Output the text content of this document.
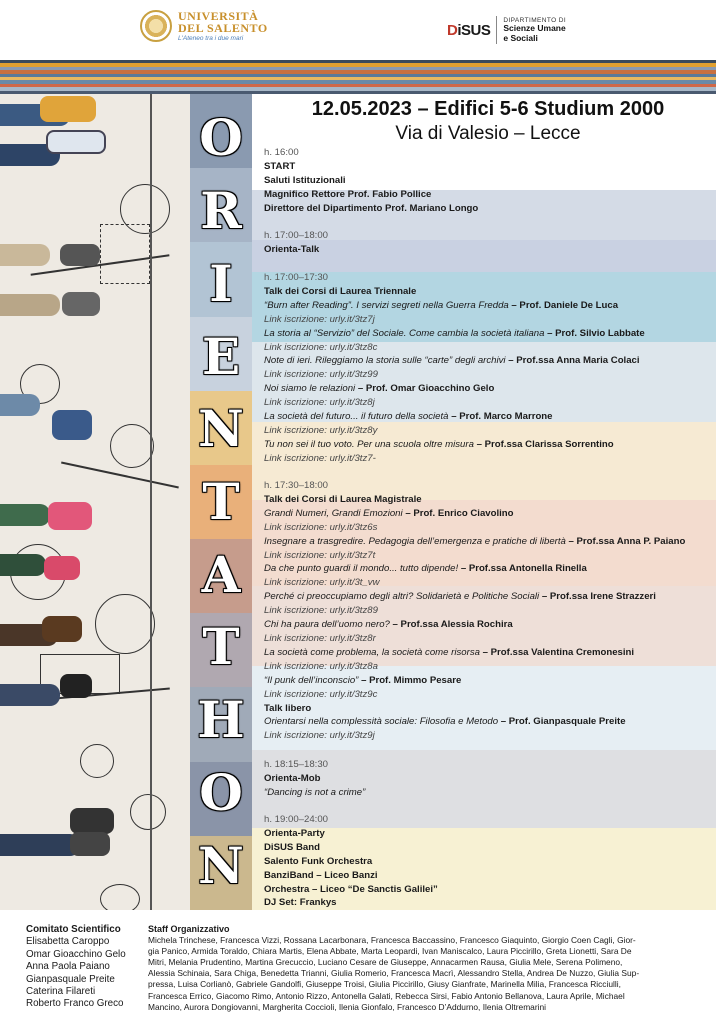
UNIVERSITÀ
DEL SALENTO
L'Ateneo tra i due mari	DiSUS
DIPARTIMENTO DI
Scienze Umane
e Sociali
O
R
I
E
N
T
A
T
H
O
N
12.05.2023 – Edifici 5-6 Studium 2000
Via di Valesio – Lecce
h. 16:00
START
Saluti Istituzionali
Magnifico Rettore Prof. Fabio Pollice
Direttore del Dipartimento Prof. Mariano Longo
h. 17:00–18:00
Orienta-Talk
h. 17:00–17:30
Talk dei Corsi di Laurea Triennale
“Burn after Reading”. I servizi segreti nella Guerra Fredda – Prof. Daniele De Luca
Link iscrizione: urly.it/3tz7j
La storia al “Servizio” del Sociale. Come cambia la società italiana – Prof. Silvio Labbate
Link iscrizione: urly.it/3tz8c
Note di ieri. Rileggiamo la storia sulle “carte” degli archivi – Prof.ssa Anna Maria Colaci
Link iscrizione: urly.it/3tz99
Noi siamo le relazioni – Prof. Omar Gioacchino Gelo
Link iscrizione: urly.it/3tz8j
La società del futuro... il futuro della società – Prof. Marco Marrone
Link iscrizione: urly.it/3tz8y
Tu non sei il tuo voto. Per una scuola oltre misura – Prof.ssa Clarissa Sorrentino
Link iscrizione: urly.it/3tz7-
h. 17:30–18:00
Talk dei Corsi di Laurea Magistrale
Grandi Numeri, Grandi Emozioni – Prof. Enrico Ciavolino
Link iscrizione: urly.it/3tz6s
Insegnare a trasgredire. Pedagogia dell’emergenza e pratiche di libertà – Prof.ssa Anna P. Paiano
Link iscrizione: urly.it/3tz7t
Da che punto guardi il mondo... tutto dipende! – Prof.ssa Antonella Rinella
Link iscrizione: urly.it/3t_vw
Perché ci preoccupiamo degli altri? Solidarietà e Politiche Sociali – Prof.ssa Irene Strazzeri
Link iscrizione: urly.it/3tz89
Chi ha paura dell’uomo nero? – Prof.ssa Alessia Rochira
Link iscrizione: urly.it/3tz8r
La società come problema, la società come risorsa – Prof.ssa Valentina Cremonesini
Link iscrizione: urly.it/3tz8a
“Il punk dell’inconscio” – Prof. Mimmo Pesare
Link iscrizione: urly.it/3tz9c
Talk libero
Orientarsi nella complessità sociale: Filosofia e Metodo – Prof. Gianpasquale Preite
Link iscrizione: urly.it/3tz9j
h. 18:15–18:30
Orienta-Mob
“Dancing is not a crime”
h. 19:00–24:00
Orienta-Party
DiSUS Band
Salento Funk Orchestra
BanziBand – Liceo Banzi
Orchestra – Liceo “De Sanctis Galilei”
DJ Set: Frankys
Comitato Scientifico
Elisabetta Caroppo
Omar Gioacchino Gelo
Anna Paola Paiano
Gianpasquale Preite
Caterina Filareti
Roberto Franco Greco
Staff Organizzativo
Michela Trinchese, Francesca Vizzi, Rossana Lacarbonara, Francesca Baccassino, Francesco Giaquinto, Giorgio Coen Cagli, Gior-
gia Panico, Armida Toraldo, Chiara Martis, Elena Abbate, Marta Leopardi, Ivan Maniscalco, Laura Piccirillo, Greta Lionetti, Sara De
Mitri, Melania Prudentino, Martina Grecuccio, Luciano Cesare de Giuseppe, Annacarmen Rausa, Giulia Mele, Serena Polimeno,
Alessia Schinaia, Sara Chiga, Benedetta Trianni, Giulia Romerio, Francesca Macrì, Alessandro Stella, Andrea De Nuzzo, Giulia Sup-
pressa, Luisa Corlianò, Gabriele Gandolfi, Giuseppe Troisi, Giulia Piccirillo, Giusy Gianfrate, Marinella Milia, Francesca Ricciulli,
Francesca Errico, Giacomo Rimo, Antonio Rizzo, Antonella Galati, Rebecca Sirsi, Fabio Antonio Bellanova, Laura Aprile, Michael
Mancino, Aurora Dongiovanni, Margherita Coccioli, Ilenia Gionfalo, Francesco D’Addurno, Ilenia Oltremarini
